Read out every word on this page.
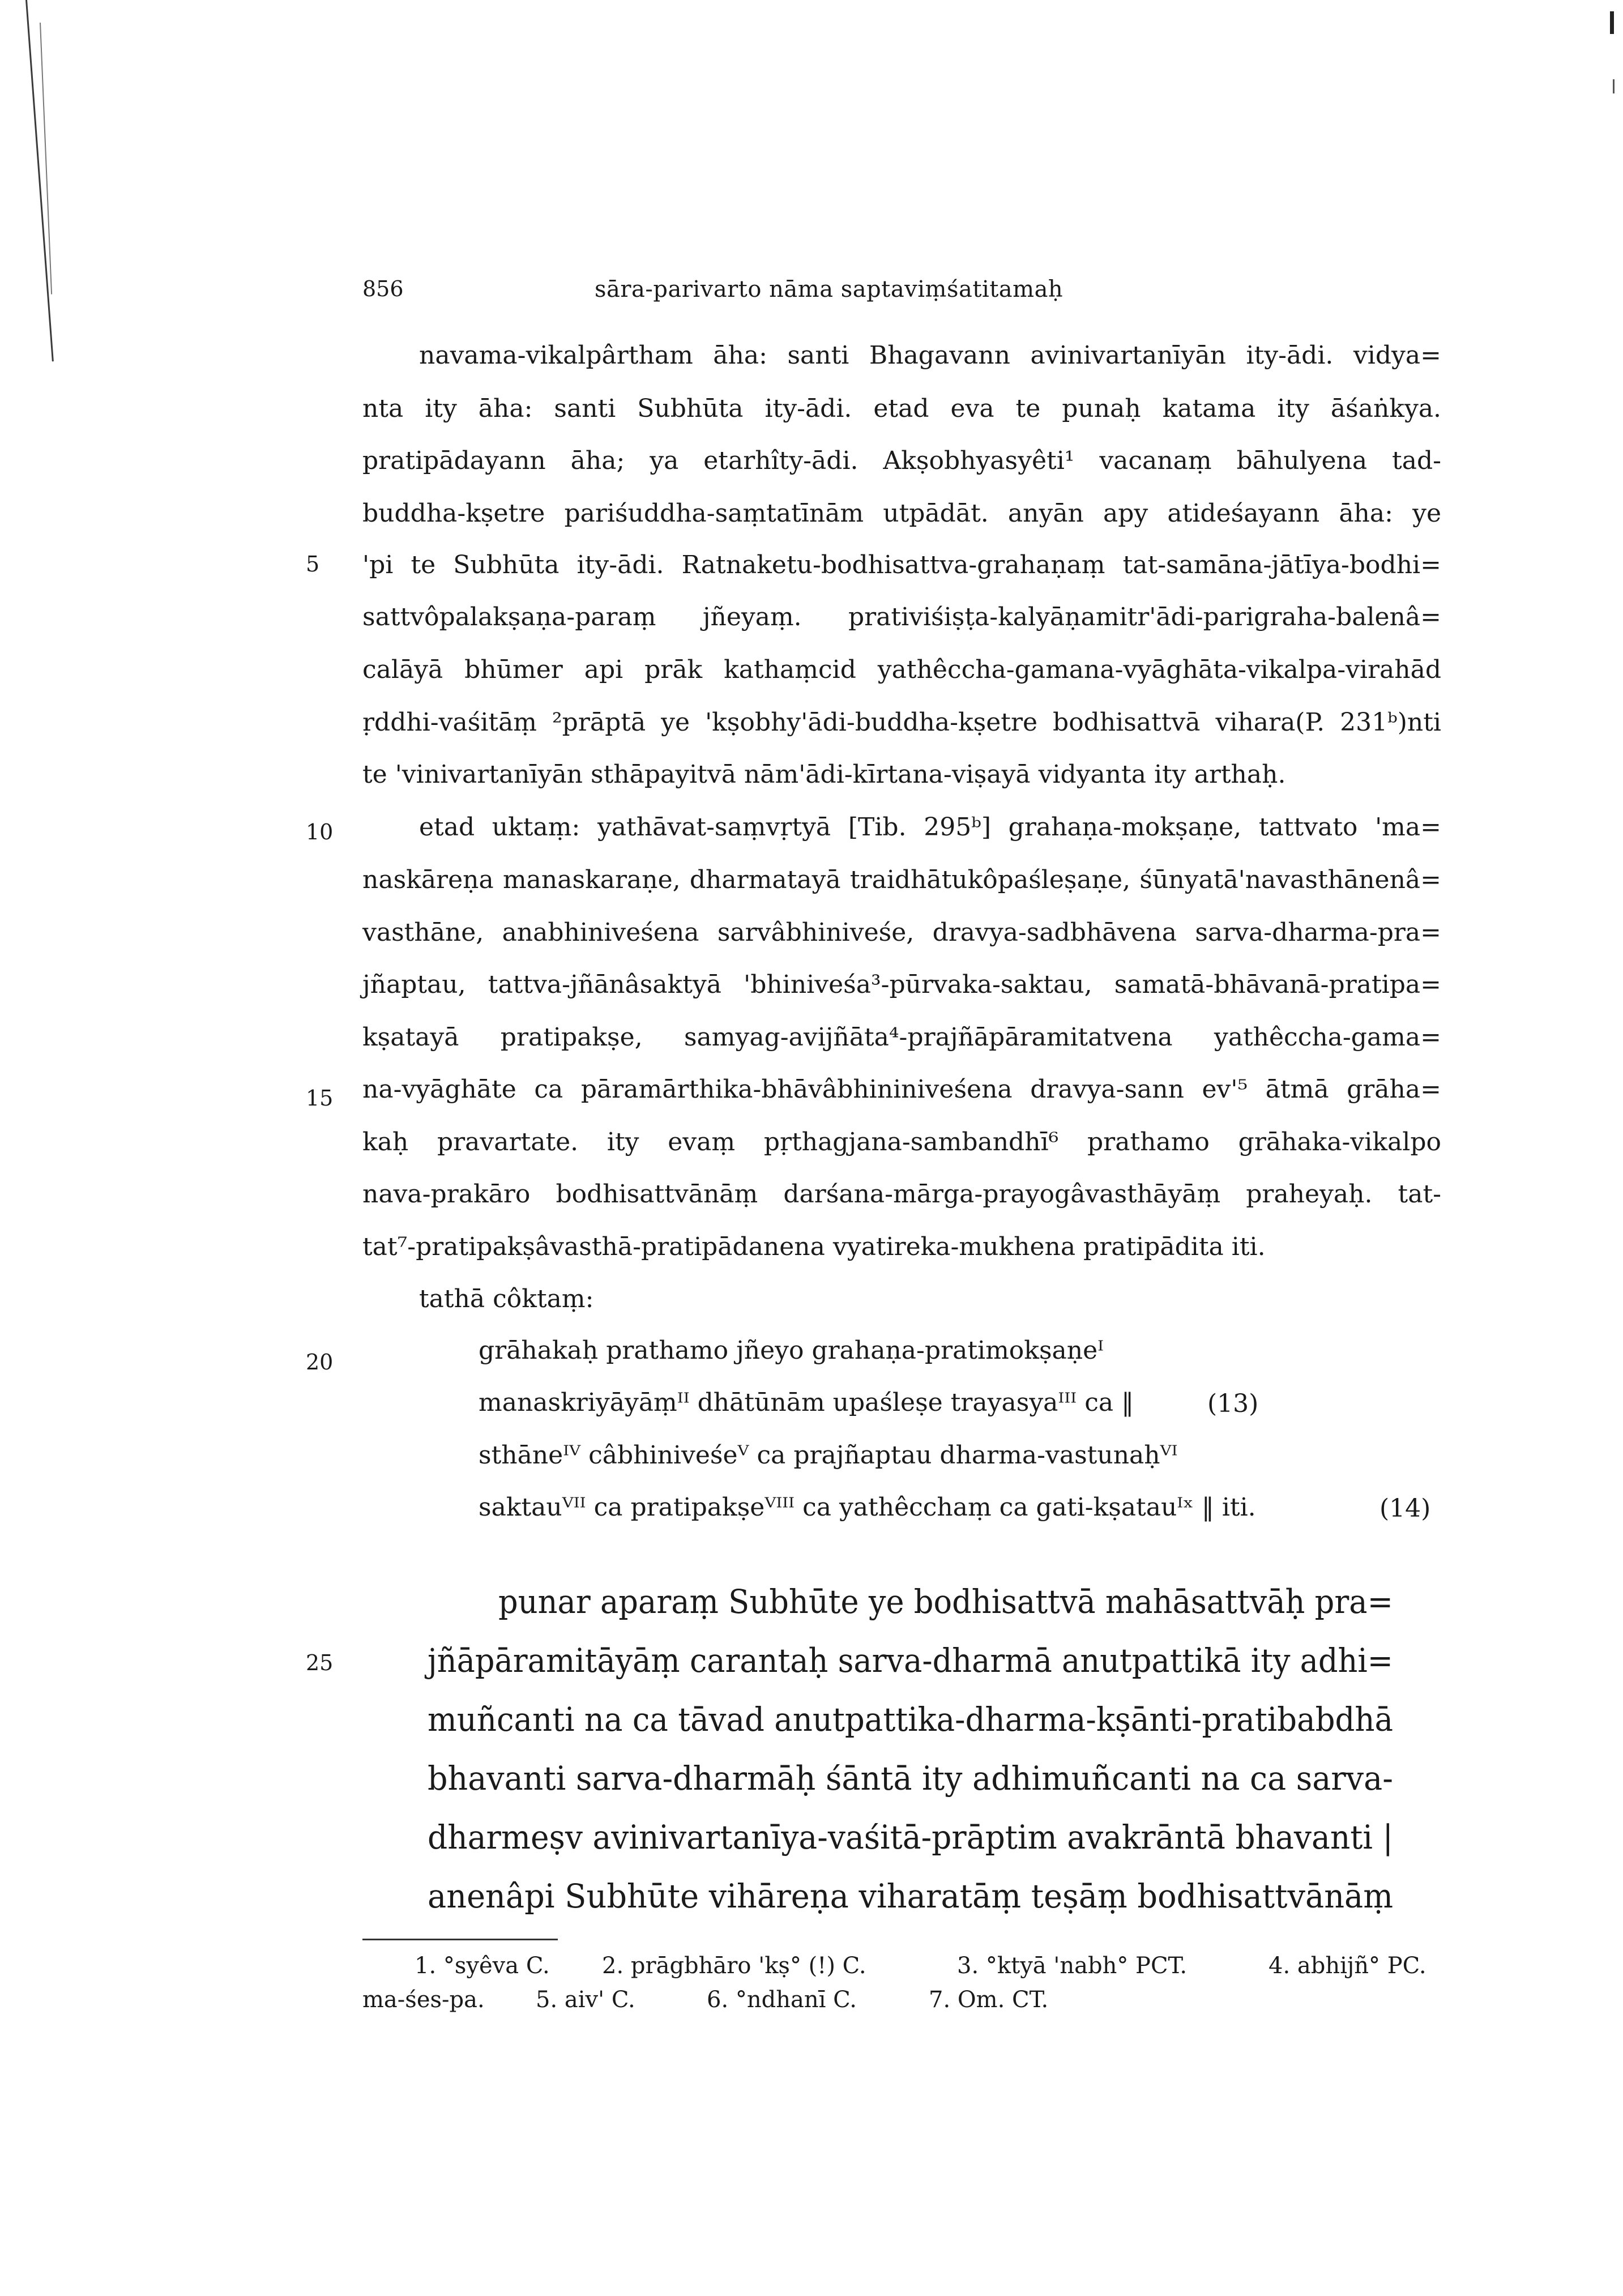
856	sāra-parivarto nāma saptaviṃśatitamaḥ
5
10
15
20
25
navama-vikalpârtham āha: santi Bhagavann avinivartanīyān ity-ādi. vidya=
nta ity āha: santi Subhūta ity-ādi. etad eva te punaḥ katama ity āśaṅkya.
pratipādayann āha; ya etarhîty-ādi. Akṣobhyasyêti¹ vacanaṃ bāhulyena tad-
buddha-kṣetre pariśuddha-saṃtatīnām utpādāt. anyān apy atideśayann āha: ye
'pi te Subhūta ity-ādi. Ratnaketu-bodhisattva-grahaṇaṃ tat-samāna-jātīya-bodhi=
sattvôpalakṣaṇa-paraṃ jñeyaṃ. prativiśiṣṭa-kalyāṇamitr'ādi-parigraha-balenâ=
calāyā bhūmer api prāk kathaṃcid yathêccha-gamana-vyāghāta-vikalpa-virahād
ṛddhi-vaśitāṃ ²prāptā ye 'kṣobhy'ādi-buddha-kṣetre bodhisattvā vihara(P. 231ᵇ)nti
te 'vinivartanīyān sthāpayitvā nām'ādi-kīrtana-viṣayā vidyanta ity arthaḥ.
etad uktaṃ: yathāvat-saṃvṛtyā [Tib. 295ᵇ] grahaṇa-mokṣaṇe, tattvato 'ma=
naskāreṇa manaskaraṇe, dharmatayā traidhātukôpaśleṣaṇe, śūnyatā'navasthānenâ=
vasthāne, anabhiniveśena sarvâbhiniveśe, dravya-sadbhāvena sarva-dharma-pra=
jñaptau, tattva-jñānâsaktyā 'bhiniveśa³-pūrvaka-saktau, samatā-bhāvanā-pratipa=
kṣatayā pratipakṣe, samyag-avijñāta⁴-prajñāpāramitatvena yathêccha-gama=
na-vyāghāte ca pāramārthika-bhāvâbhininiveśena dravya-sann ev'⁵ ātmā grāha=
kaḥ pravartate. ity evaṃ pṛthagjana-sambandhī⁶ prathamo grāhaka-vikalpo
nava-prakāro bodhisattvānāṃ darśana-mārga-prayogâvasthāyāṃ praheyaḥ. tat-
tat⁷-pratipakṣâvasthā-pratipādanena vyatireka-mukhena pratipādita iti.
tathā côktaṃ:
grāhakaḥ prathamo jñeyo grahaṇa-pratimokṣaṇeᴵ
manaskriyāyāṃᴵᴵ dhātūnām upaśleṣe trayasyaᴵᴵᴵ ca ‖	(13)
sthāneᴵⱽ câbhiniveśeⱽ ca prajñaptau dharma-vastunaḥⱽᴵ
saktauⱽᴵᴵ ca pratipakṣeⱽᴵᴵᴵ ca yathêcchaṃ ca gati-kṣatauᴵˣ ‖ iti.	(14)
punar aparaṃ Subhūte ye bodhisattvā mahāsattvāḥ pra=
jñāpāramitāyāṃ carantaḥ sarva-dharmā anutpattikā ity adhi=
muñcanti na ca tāvad anutpattika-dharma-kṣānti-pratibabdhā
bhavanti sarva-dharmāḥ śāntā ity adhimuñcanti na ca sarva-
dharmeṣv avinivartanīya-vaśitā-prāptim avakrāntā bhavanti |
anenâpi Subhūte vihāreṇa viharatāṃ teṣāṃ bodhisattvānāṃ
1. °syêva C. 2. prāgbhāro 'kṣ° (!) C.	3. °ktyā 'nabh° PCT.	4. abhijñ° PC.
ma-śes-pa. 5. aiv' C.	6. °ndhanī C.	7. Om. CT.
